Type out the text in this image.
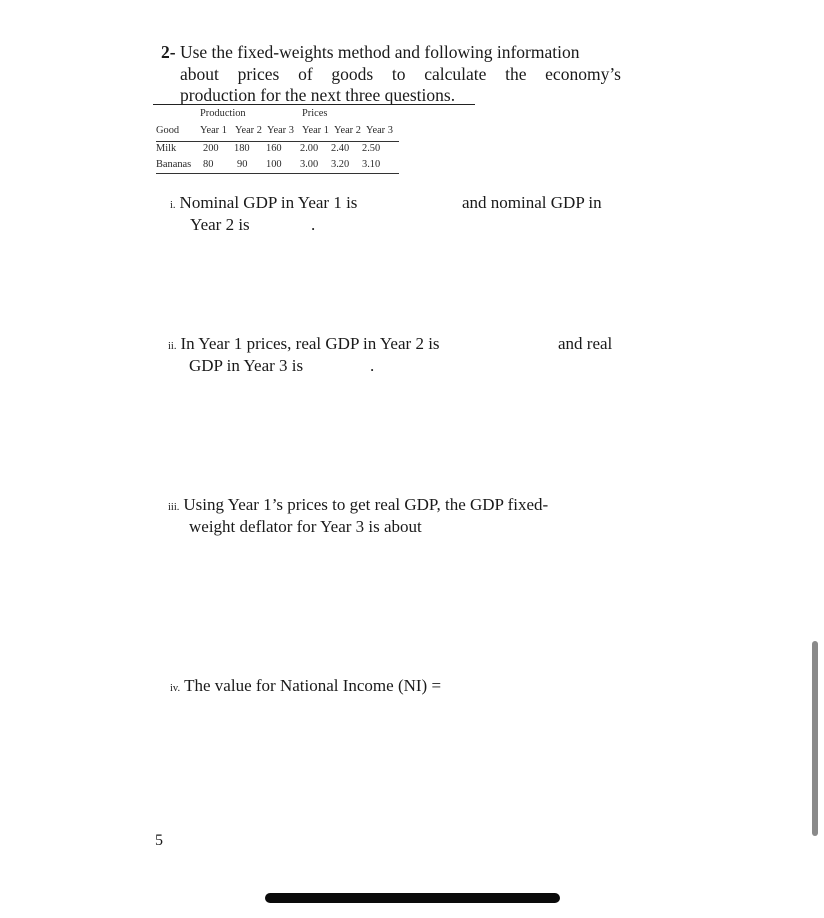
2- Use the fixed-weights method and following information
about prices of goods to calculate the economy’s
production for the next three questions.
Production	Prices
Good Year 1 Year 2 Year 3 Year 1 Year 2 Year 3
Milk	200 180 160 2.00 2.40 2.50
Bananas 80 90 100 3.00 3.20 3.10
i. Nominal GDP in Year 1 is	and nominal GDP in
Year 2 is	.
ii. In Year 1 prices, real GDP in Year 2 is	and real
GDP in Year 3 is	.
iii. Using Year 1’s prices to get real GDP, the GDP fixed-
weight deflator for Year 3 is about
iv. The value for National Income (NI) =
5
